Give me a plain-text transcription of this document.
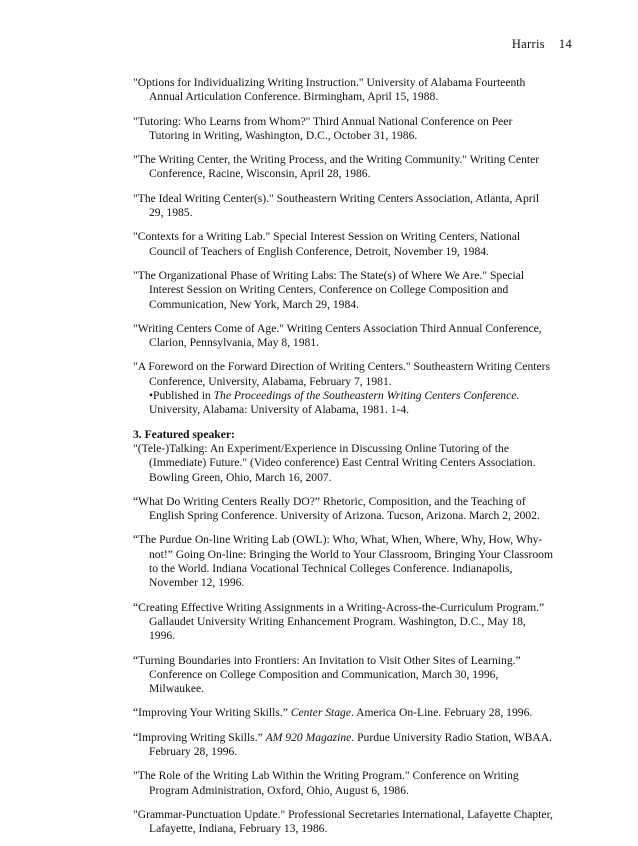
Harris 14
"Options for Individualizing Writing Instruction." University of Alabama Fourteenth Annual Articulation Conference. Birmingham, April 15, 1988.
"Tutoring: Who Learns from Whom?" Third Annual National Conference on Peer Tutoring in Writing, Washington, D.C., October 31, 1986.
"The Writing Center, the Writing Process, and the Writing Community." Writing Center Conference, Racine, Wisconsin, April 28, 1986.
"The Ideal Writing Center(s)." Southeastern Writing Centers Association, Atlanta, April 29, 1985.
"Contexts for a Writing Lab." Special Interest Session on Writing Centers, National Council of Teachers of English Conference, Detroit, November 19, 1984.
"The Organizational Phase of Writing Labs: The State(s) of Where We Are." Special Interest Session on Writing Centers, Conference on College Composition and Communication, New York, March 29, 1984.
"Writing Centers Come of Age." Writing Centers Association Third Annual Conference, Clarion, Pennsylvania, May 8, 1981.
"A Foreword on the Forward Direction of Writing Centers." Southeastern Writing Centers Conference, University, Alabama, February 7, 1981.
•Published in The Proceedings of the Southeastern Writing Centers Conference. University, Alabama: University of Alabama, 1981. 1-4.
3. Featured speaker:
"(Tele-)Talking: An Experiment/Experience in Discussing Online Tutoring of the (Immediate) Future." (Video conference) East Central Writing Centers Association. Bowling Green, Ohio, March 16, 2007.
“What Do Writing Centers Really DO?” Rhetoric, Composition, and the Teaching of English Spring Conference. University of Arizona. Tucson, Arizona. March 2, 2002.
“The Purdue On-line Writing Lab (OWL): Who, What, When, Where, Why, How, Why-not!” Going On-line: Bringing the World to Your Classroom, Bringing Your Classroom to the World. Indiana Vocational Technical Colleges Conference. Indianapolis, November 12, 1996.
“Creating Effective Writing Assignments in a Writing-Across-the-Curriculum Program.” Gallaudet University Writing Enhancement Program. Washington, D.C., May 18, 1996.
“Turning Boundaries into Frontiers: An Invitation to Visit Other Sites of Learning.” Conference on College Composition and Communication, March 30, 1996, Milwaukee.
“Improving Your Writing Skills.” Center Stage. America On-Line. February 28, 1996.
“Improving Writing Skills.” AM 920 Magazine. Purdue University Radio Station, WBAA. February 28, 1996.
"The Role of the Writing Lab Within the Writing Program." Conference on Writing Program Administration, Oxford, Ohio, August 6, 1986.
"Grammar-Punctuation Update." Professional Secretaries International, Lafayette Chapter, Lafayette, Indiana, February 13, 1986.
